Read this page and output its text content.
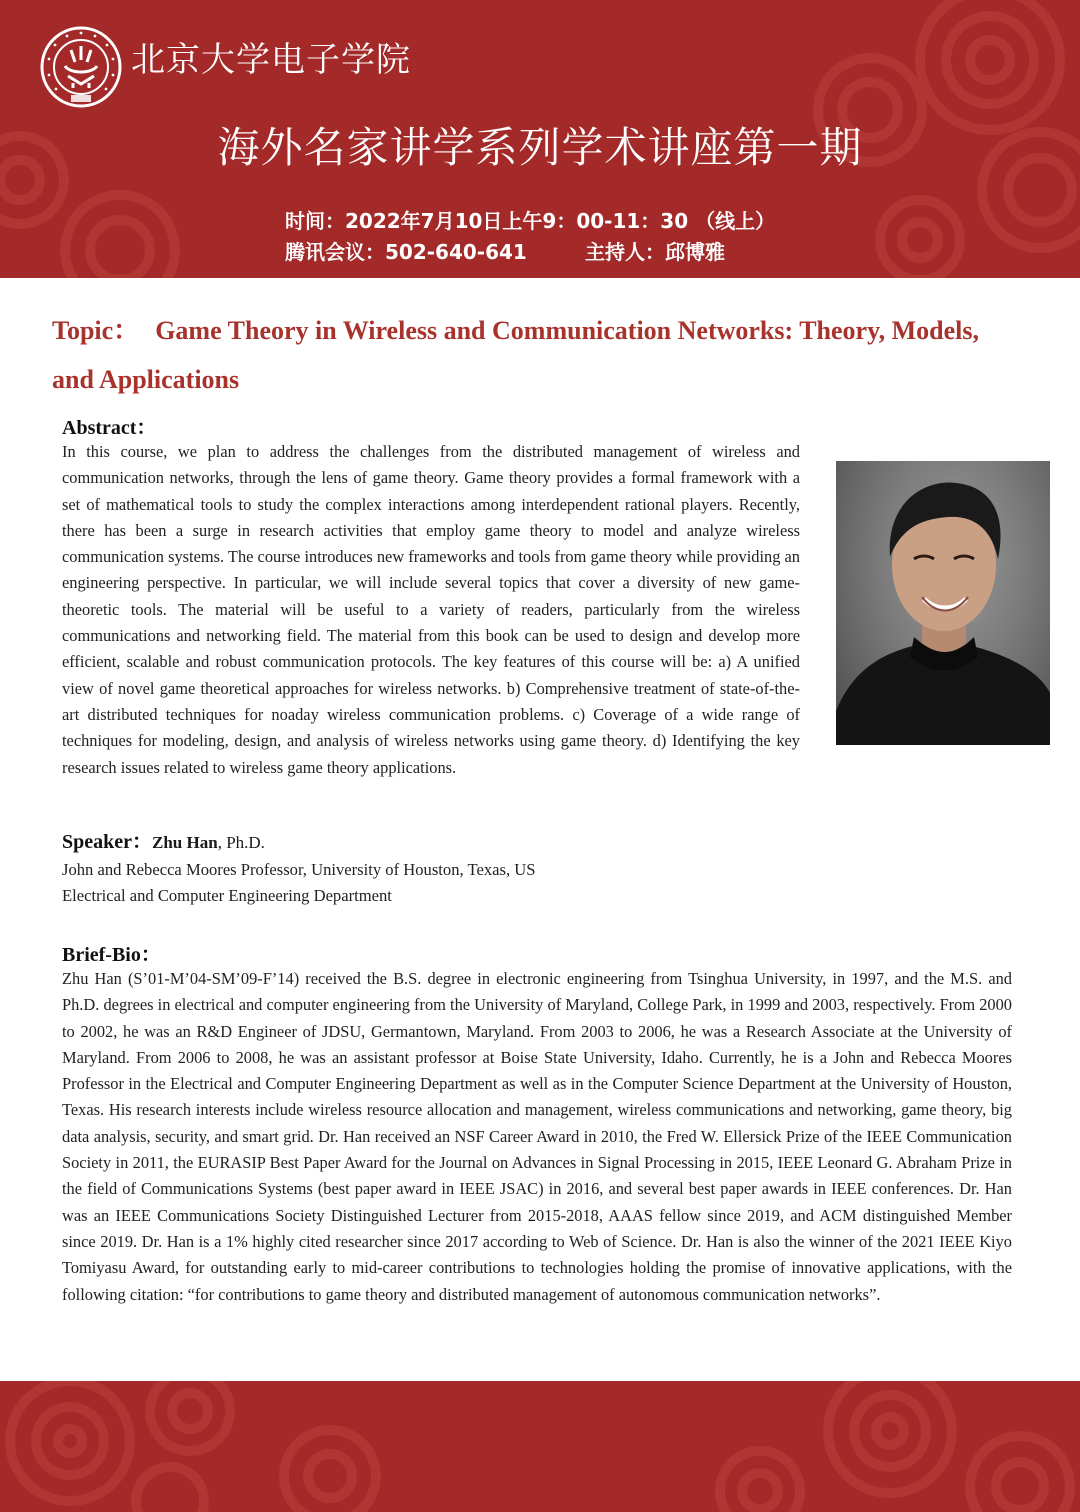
北京大学电子学院
海外名家讲学系列学术讲座第一期
时间：2022年7月10日上午9：00-11：30 （线上）
腾讯会议：502-640-641	主持人：邱博雅
Topic： Game Theory in Wireless and Communication Networks: Theory, Models, and Applications
Abstract：
In this course, we plan to address the challenges from the distributed management of wireless and communication networks, through the lens of game theory. Game theory provides a formal framework with a set of mathematical tools to study the complex interactions among interdependent rational players. Recently, there has been a surge in research activities that employ game theory to model and analyze wireless communication systems. The course introduces new frameworks and tools from game theory while providing an engineering perspective. In particular, we will include several topics that cover a diversity of new game-theoretic tools. The material will be useful to a variety of readers, particularly from the wireless communications and networking field. The material from this book can be used to design and develop more efficient, scalable and robust communication protocols. The key features of this course will be: a) A unified view of novel game theoretical approaches for wireless networks. b) Comprehensive treatment of state-of-the-art distributed techniques for noaday wireless communication problems. c) Coverage of a wide range of techniques for modeling, design, and analysis of wireless networks using game theory. d) Identifying the key research issues related to wireless game theory applications.
Speaker：Zhu Han, Ph.D.
John and Rebecca Moores Professor, University of Houston, Texas, US
Electrical and Computer Engineering Department
Brief-Bio：
Zhu Han (S’01-M’04-SM’09-F’14) received the B.S. degree in electronic engineering from Tsinghua University, in 1997, and the M.S. and Ph.D. degrees in electrical and computer engineering from the University of Maryland, College Park, in 1999 and 2003, respectively. From 2000 to 2002, he was an R&D Engineer of JDSU, Germantown, Maryland. From 2003 to 2006, he was a Research Associate at the University of Maryland. From 2006 to 2008, he was an assistant professor at Boise State University, Idaho. Currently, he is a John and Rebecca Moores Professor in the Electrical and Computer Engineering Department as well as in the Computer Science Department at the University of Houston, Texas. His research interests include wireless resource allocation and management, wireless communications and networking, game theory, big data analysis, security, and smart grid. Dr. Han received an NSF Career Award in 2010, the Fred W. Ellersick Prize of the IEEE Communication Society in 2011, the EURASIP Best Paper Award for the Journal on Advances in Signal Processing in 2015, IEEE Leonard G. Abraham Prize in the field of Communications Systems (best paper award in IEEE JSAC) in 2016, and several best paper awards in IEEE conferences. Dr. Han was an IEEE Communications Society Distinguished Lecturer from 2015-2018, AAAS fellow since 2019, and ACM distinguished Member since 2019. Dr. Han is a 1% highly cited researcher since 2017 according to Web of Science. Dr. Han is also the winner of the 2021 IEEE Kiyo Tomiyasu Award, for outstanding early to mid-career contributions to technologies holding the promise of innovative applications, with the following citation: “for contributions to game theory and distributed management of autonomous communication networks”.
